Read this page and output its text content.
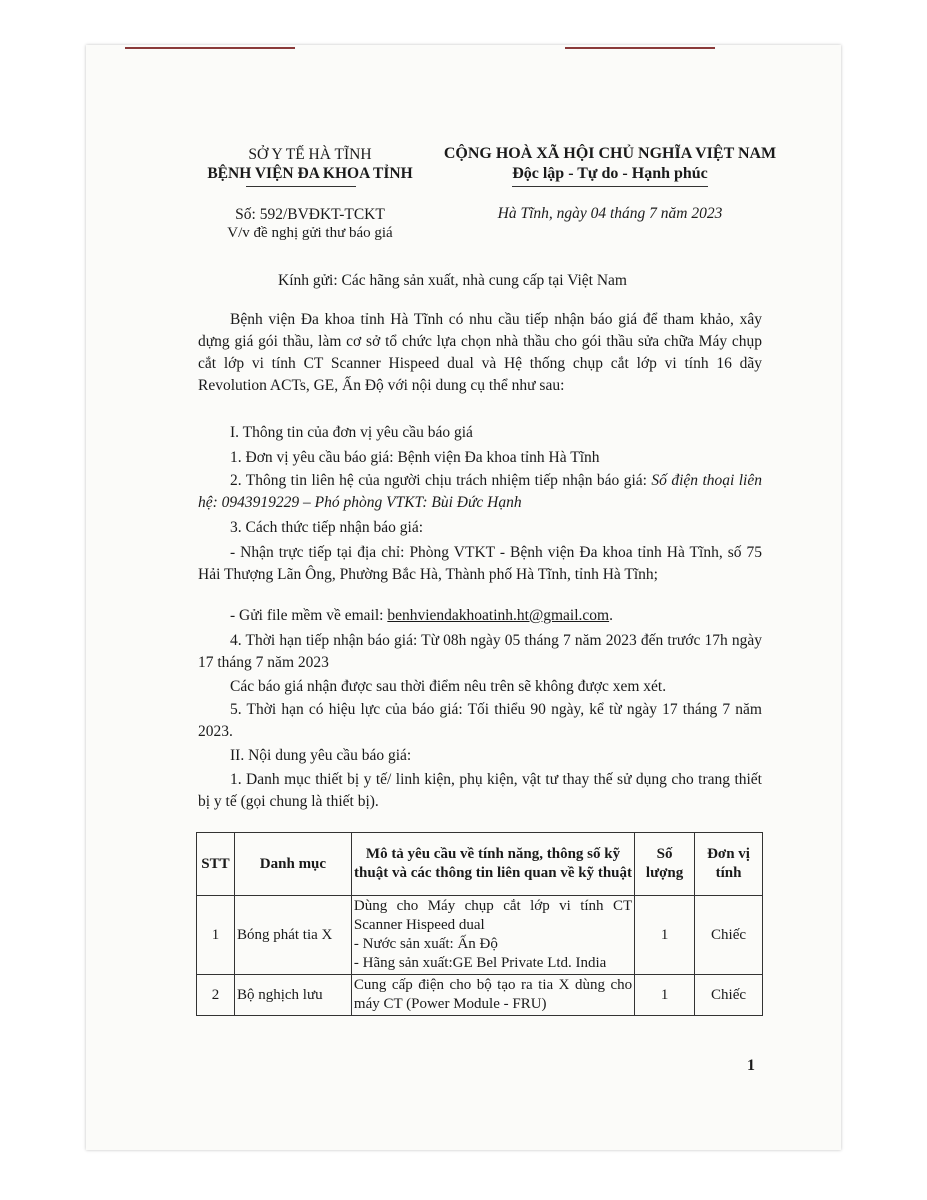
SỞ Y TẾ HÀ TĨNH
BỆNH VIỆN ĐA KHOA TỈNH
CỘNG HOÀ XÃ HỘI CHỦ NGHĨA VIỆT NAM
Độc lập - Tự do - Hạnh phúc
Số: 592/BVĐKT-TCKT
V/v đề nghị gửi thư báo giá
Hà Tĩnh, ngày 04 tháng 7 năm 2023
Kính gửi: Các hãng sản xuất, nhà cung cấp tại Việt Nam
Bệnh viện Đa khoa tỉnh Hà Tĩnh có nhu cầu tiếp nhận báo giá để tham khảo, xây dựng giá gói thầu, làm cơ sở tổ chức lựa chọn nhà thầu cho gói thầu sửa chữa Máy chụp cắt lớp vi tính CT Scanner Hispeed dual và Hệ thống chụp cắt lớp vi tính 16 dãy Revolution ACTs, GE, Ấn Độ với nội dung cụ thể như sau:
I. Thông tin của đơn vị yêu cầu báo giá
1. Đơn vị yêu cầu báo giá: Bệnh viện Đa khoa tỉnh Hà Tĩnh
2. Thông tin liên hệ của người chịu trách nhiệm tiếp nhận báo giá: Số điện thoại liên hệ: 0943919229 – Phó phòng VTKT: Bùi Đức Hạnh
3. Cách thức tiếp nhận báo giá:
- Nhận trực tiếp tại địa chỉ: Phòng VTKT - Bệnh viện Đa khoa tỉnh Hà Tĩnh, số 75 Hải Thượng Lãn Ông, Phường Bắc Hà, Thành phố Hà Tĩnh, tỉnh Hà Tĩnh;
- Gửi file mềm về email: benhviendakhoatinh.ht@gmail.com.
4. Thời hạn tiếp nhận báo giá: Từ 08h ngày 05 tháng 7 năm 2023 đến trước 17h ngày 17 tháng 7 năm 2023
Các báo giá nhận được sau thời điểm nêu trên sẽ không được xem xét.
5. Thời hạn có hiệu lực của báo giá: Tối thiểu 90 ngày, kể từ ngày 17 tháng 7 năm 2023.
II. Nội dung yêu cầu báo giá:
1. Danh mục thiết bị y tế/ linh kiện, phụ kiện, vật tư thay thế sử dụng cho trang thiết bị y tế (gọi chung là thiết bị).
STT	Danh mục	Mô tả yêu cầu về tính năng, thông số kỹ thuật và các thông tin liên quan về kỹ thuật	Số lượng	Đơn vị tính
1	Bóng phát tia X	Dùng cho Máy chụp cắt lớp vi tính CT Scanner Hispeed dual
- Nước sản xuất: Ấn Độ
- Hãng sản xuất:GE Bel Private Ltd. India	1	Chiếc
2	Bộ nghịch lưu	Cung cấp điện cho bộ tạo ra tia X dùng cho máy CT (Power Module - FRU)	1	Chiếc
1
